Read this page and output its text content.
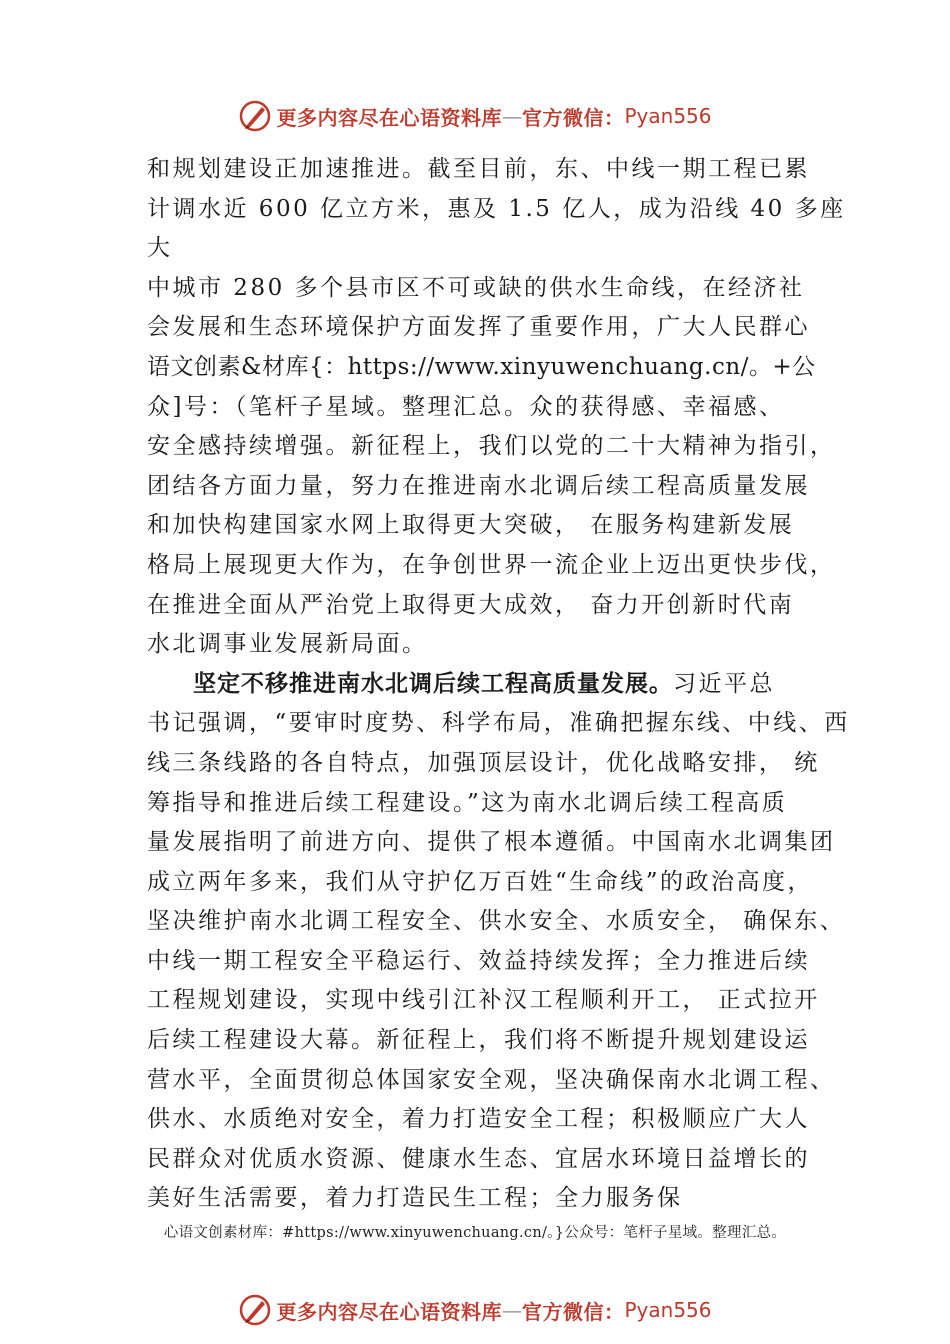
更多内容尽在心语资料库 — 官方微信： Pyan556
和规划建设正加速推进。截至目前，东、中线一期工程已累
计调水近 600 亿立方米，惠及 1.5 亿人，成为沿线 40 多座
大
中城市 280 多个县市区不可或缺的供水生命线，在经济社
会发展和生态环境保护方面发挥了重要作用，广大人民群心
语文创素&材库{：https://www.xinyuwenchuang.cn/。+公
众]号：（笔杆子星域。整理汇总。众的获得感、幸福感、
安全感持续增强。新征程上，我们以党的二十大精神为指引，
团结各方面力量，努力在推进南水北调后续工程高质量发展
和加快构建国家水网上取得更大突破， 在服务构建新发展
格局上展现更大作为，在争创世界一流企业上迈出更快步伐，
在推进全面从严治党上取得更大成效， 奋力开创新时代南
水北调事业发展新局面。
坚定不移推进南水北调后续工程高质量发展。习近平总
书记强调，“要审时度势、科学布局，准确把握东线、中线、西
线三条线路的各自特点，加强顶层设计，优化战略安排， 统
筹指导和推进后续工程建设。”这为南水北调后续工程高质
量发展指明了前进方向、提供了根本遵循。中国南水北调集团
成立两年多来，我们从守护亿万百姓“生命线”的政治高度，
坚决维护南水北调工程安全、供水安全、水质安全， 确保东、
中线一期工程安全平稳运行、效益持续发挥；全力推进后续
工程规划建设，实现中线引江补汉工程顺利开工， 正式拉开
后续工程建设大幕。新征程上，我们将不断提升规划建设运
营水平，全面贯彻总体国家安全观，坚决确保南水北调工程、
供水、水质绝对安全，着力打造安全工程；积极顺应广大人
民群众对优质水资源、健康水生态、宜居水环境日益增长的
美好生活需要，着力打造民生工程；全力服务保
心语文创素材库：#https://www.xinyuwenchuang.cn/。}公众号：笔杆子星域。整理汇总。
更多内容尽在心语资料库 — 官方微信： Pyan556
